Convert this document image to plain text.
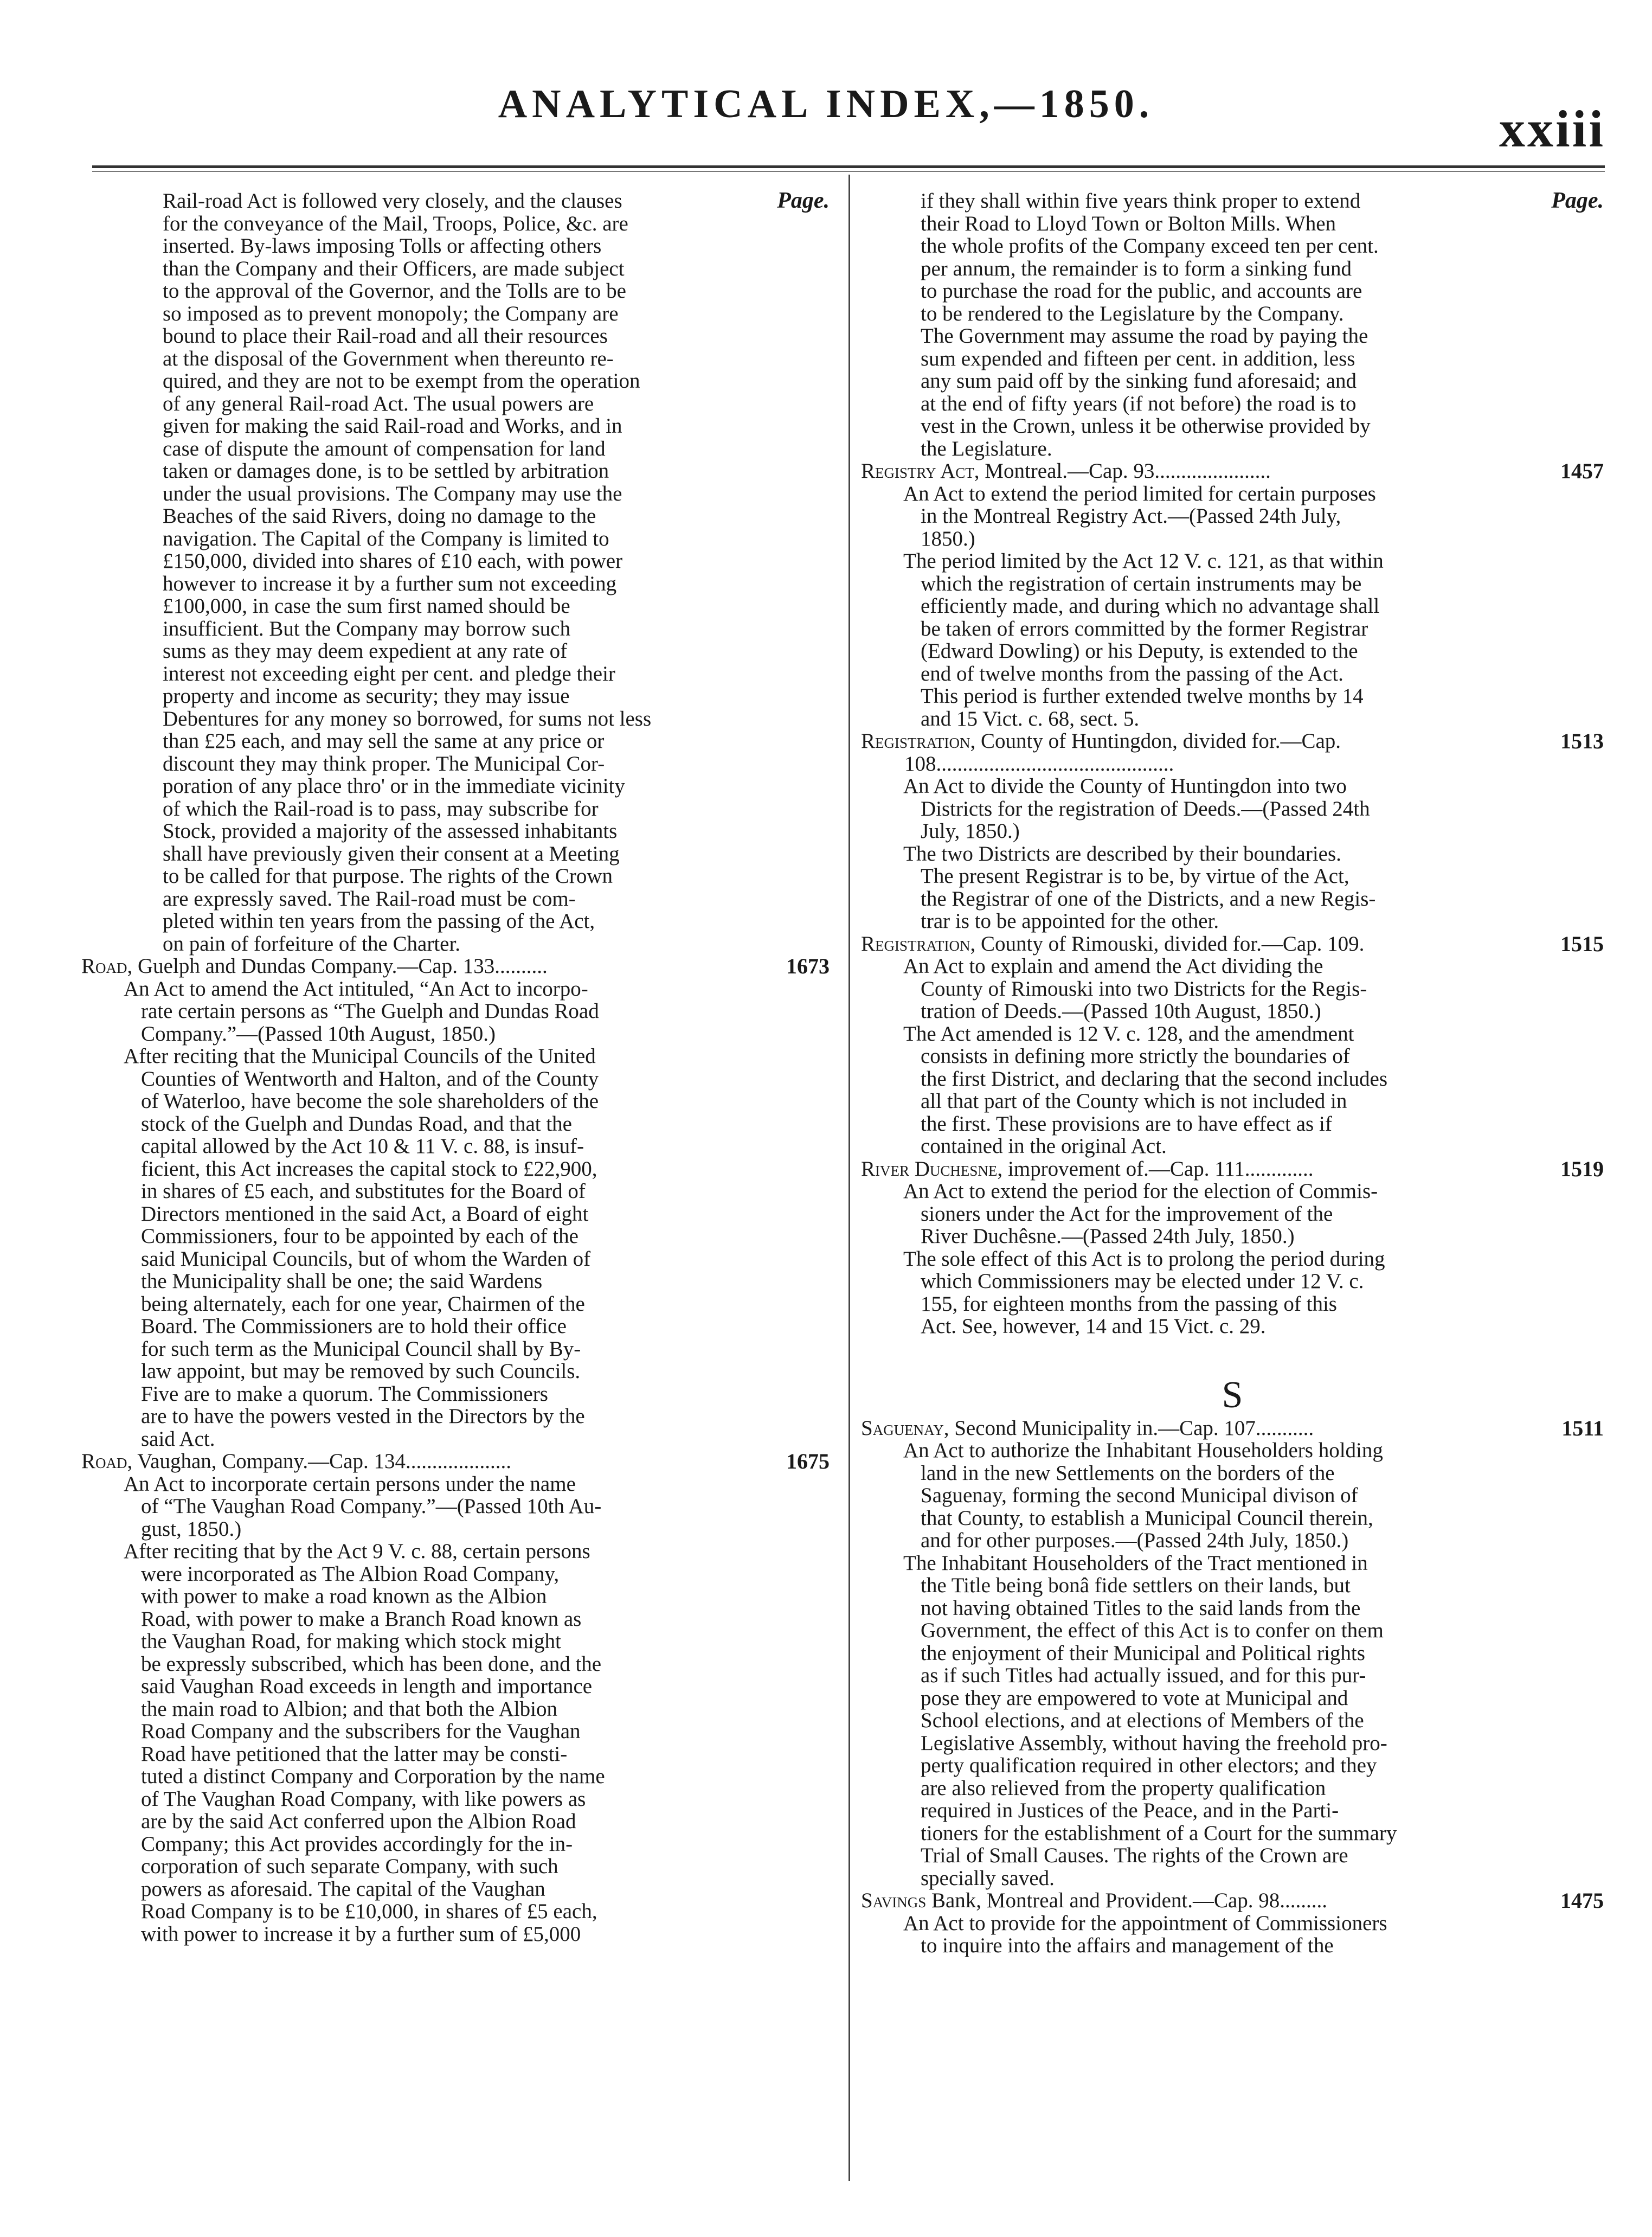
ANALYTICAL INDEX,—1850.	xxiii
Page.
Rail-road Act is followed very closely, and the clauses
for the conveyance of the Mail, Troops, Police, &c. are
inserted. By-laws imposing Tolls or affecting others
than the Company and their Officers, are made subject
to the approval of the Governor, and the Tolls are to be
so imposed as to prevent monopoly; the Company are
bound to place their Rail-road and all their resources
at the disposal of the Government when thereunto re-
quired, and they are not to be exempt from the operation
of any general Rail-road Act. The usual powers are
given for making the said Rail-road and Works, and in
case of dispute the amount of compensation for land
taken or damages done, is to be settled by arbitration
under the usual provisions. The Company may use the
Beaches of the said Rivers, doing no damage to the
navigation. The Capital of the Company is limited to
£150,000, divided into shares of £10 each, with power
however to increase it by a further sum not exceeding
£100,000, in case the sum first named should be
insufficient. But the Company may borrow such
sums as they may deem expedient at any rate of
interest not exceeding eight per cent. and pledge their
property and income as security; they may issue
Debentures for any money so borrowed, for sums not less
than £25 each, and may sell the same at any price or
discount they may think proper. The Municipal Cor-
poration of any place thro' or in the immediate vicinity
of which the Rail-road is to pass, may subscribe for
Stock, provided a majority of the assessed inhabitants
shall have previously given their consent at a Meeting
to be called for that purpose. The rights of the Crown
are expressly saved. The Rail-road must be com-
pleted within ten years from the passing of the Act,
on pain of forfeiture of the Charter.
Road, Guelph and Dundas Company.—Cap. 133..........	1673
An Act to amend the Act intituled, “An Act to incorpo-
rate certain persons as “The Guelph and Dundas Road
Company.”—(Passed 10th August, 1850.)
After reciting that the Municipal Councils of the United
Counties of Wentworth and Halton, and of the County
of Waterloo, have become the sole shareholders of the
stock of the Guelph and Dundas Road, and that the
capital allowed by the Act 10 & 11 V. c. 88, is insuf-
ficient, this Act increases the capital stock to £22,900,
in shares of £5 each, and substitutes for the Board of
Directors mentioned in the said Act, a Board of eight
Commissioners, four to be appointed by each of the
said Municipal Councils, but of whom the Warden of
the Municipality shall be one; the said Wardens
being alternately, each for one year, Chairmen of the
Board. The Commissioners are to hold their office
for such term as the Municipal Council shall by By-
law appoint, but may be removed by such Councils.
Five are to make a quorum. The Commissioners
are to have the powers vested in the Directors by the
said Act.
Road, Vaughan, Company.—Cap. 134....................	1675
An Act to incorporate certain persons under the name
of “The Vaughan Road Company.”—(Passed 10th Au-
gust, 1850.)
After reciting that by the Act 9 V. c. 88, certain persons
were incorporated as The Albion Road Company,
with power to make a road known as the Albion
Road, with power to make a Branch Road known as
the Vaughan Road, for making which stock might
be expressly subscribed, which has been done, and the
said Vaughan Road exceeds in length and importance
the main road to Albion; and that both the Albion
Road Company and the subscribers for the Vaughan
Road have petitioned that the latter may be consti-
tuted a distinct Company and Corporation by the name
of The Vaughan Road Company, with like powers as
are by the said Act conferred upon the Albion Road
Company; this Act provides accordingly for the in-
corporation of such separate Company, with such
powers as aforesaid. The capital of the Vaughan
Road Company is to be £10,000, in shares of £5 each,
with power to increase it by a further sum of £5,000
Page.
if they shall within five years think proper to extend
their Road to Lloyd Town or Bolton Mills. When
the whole profits of the Company exceed ten per cent.
per annum, the remainder is to form a sinking fund
to purchase the road for the public, and accounts are
to be rendered to the Legislature by the Company.
The Government may assume the road by paying the
sum expended and fifteen per cent. in addition, less
any sum paid off by the sinking fund aforesaid; and
at the end of fifty years (if not before) the road is to
vest in the Crown, unless it be otherwise provided by
the Legislature.
Registry Act, Montreal.—Cap. 93......................	1457
An Act to extend the period limited for certain purposes
in the Montreal Registry Act.—(Passed 24th July,
1850.)
The period limited by the Act 12 V. c. 121, as that within
which the registration of certain instruments may be
efficiently made, and during which no advantage shall
be taken of errors committed by the former Registrar
(Edward Dowling) or his Deputy, is extended to the
end of twelve months from the passing of the Act.
This period is further extended twelve months by 14
and 15 Vict. c. 68, sect. 5.
Registration, County of Huntingdon, divided for.—Cap.	1513
108.............................................
An Act to divide the County of Huntingdon into two
Districts for the registration of Deeds.—(Passed 24th
July, 1850.)
The two Districts are described by their boundaries.
The present Registrar is to be, by virtue of the Act,
the Registrar of one of the Districts, and a new Regis-
trar is to be appointed for the other.
Registration, County of Rimouski, divided for.—Cap. 109.	1515
An Act to explain and amend the Act dividing the
County of Rimouski into two Districts for the Regis-
tration of Deeds.—(Passed 10th August, 1850.)
The Act amended is 12 V. c. 128, and the amendment
consists in defining more strictly the boundaries of
the first District, and declaring that the second includes
all that part of the County which is not included in
the first. These provisions are to have effect as if
contained in the original Act.
River Duchesne, improvement of.—Cap. 111.............	1519
An Act to extend the period for the election of Commis-
sioners under the Act for the improvement of the
River Duchêsne.—(Passed 24th July, 1850.)
The sole effect of this Act is to prolong the period during
which Commissioners may be elected under 12 V. c.
155, for eighteen months from the passing of this
Act. See, however, 14 and 15 Vict. c. 29.
S
Saguenay, Second Municipality in.—Cap. 107...........	1511
An Act to authorize the Inhabitant Householders holding
land in the new Settlements on the borders of the
Saguenay, forming the second Municipal divison of
that County, to establish a Municipal Council therein,
and for other purposes.—(Passed 24th July, 1850.)
The Inhabitant Householders of the Tract mentioned in
the Title being bonâ fide settlers on their lands, but
not having obtained Titles to the said lands from the
Government, the effect of this Act is to confer on them
the enjoyment of their Municipal and Political rights
as if such Titles had actually issued, and for this pur-
pose they are empowered to vote at Municipal and
School elections, and at elections of Members of the
Legislative Assembly, without having the freehold pro-
perty qualification required in other electors; and they
are also relieved from the property qualification
required in Justices of the Peace, and in the Parti-
tioners for the establishment of a Court for the summary
Trial of Small Causes. The rights of the Crown are
specially saved.
Savings Bank, Montreal and Provident.—Cap. 98.........	1475
An Act to provide for the appointment of Commissioners
to inquire into the affairs and management of the
